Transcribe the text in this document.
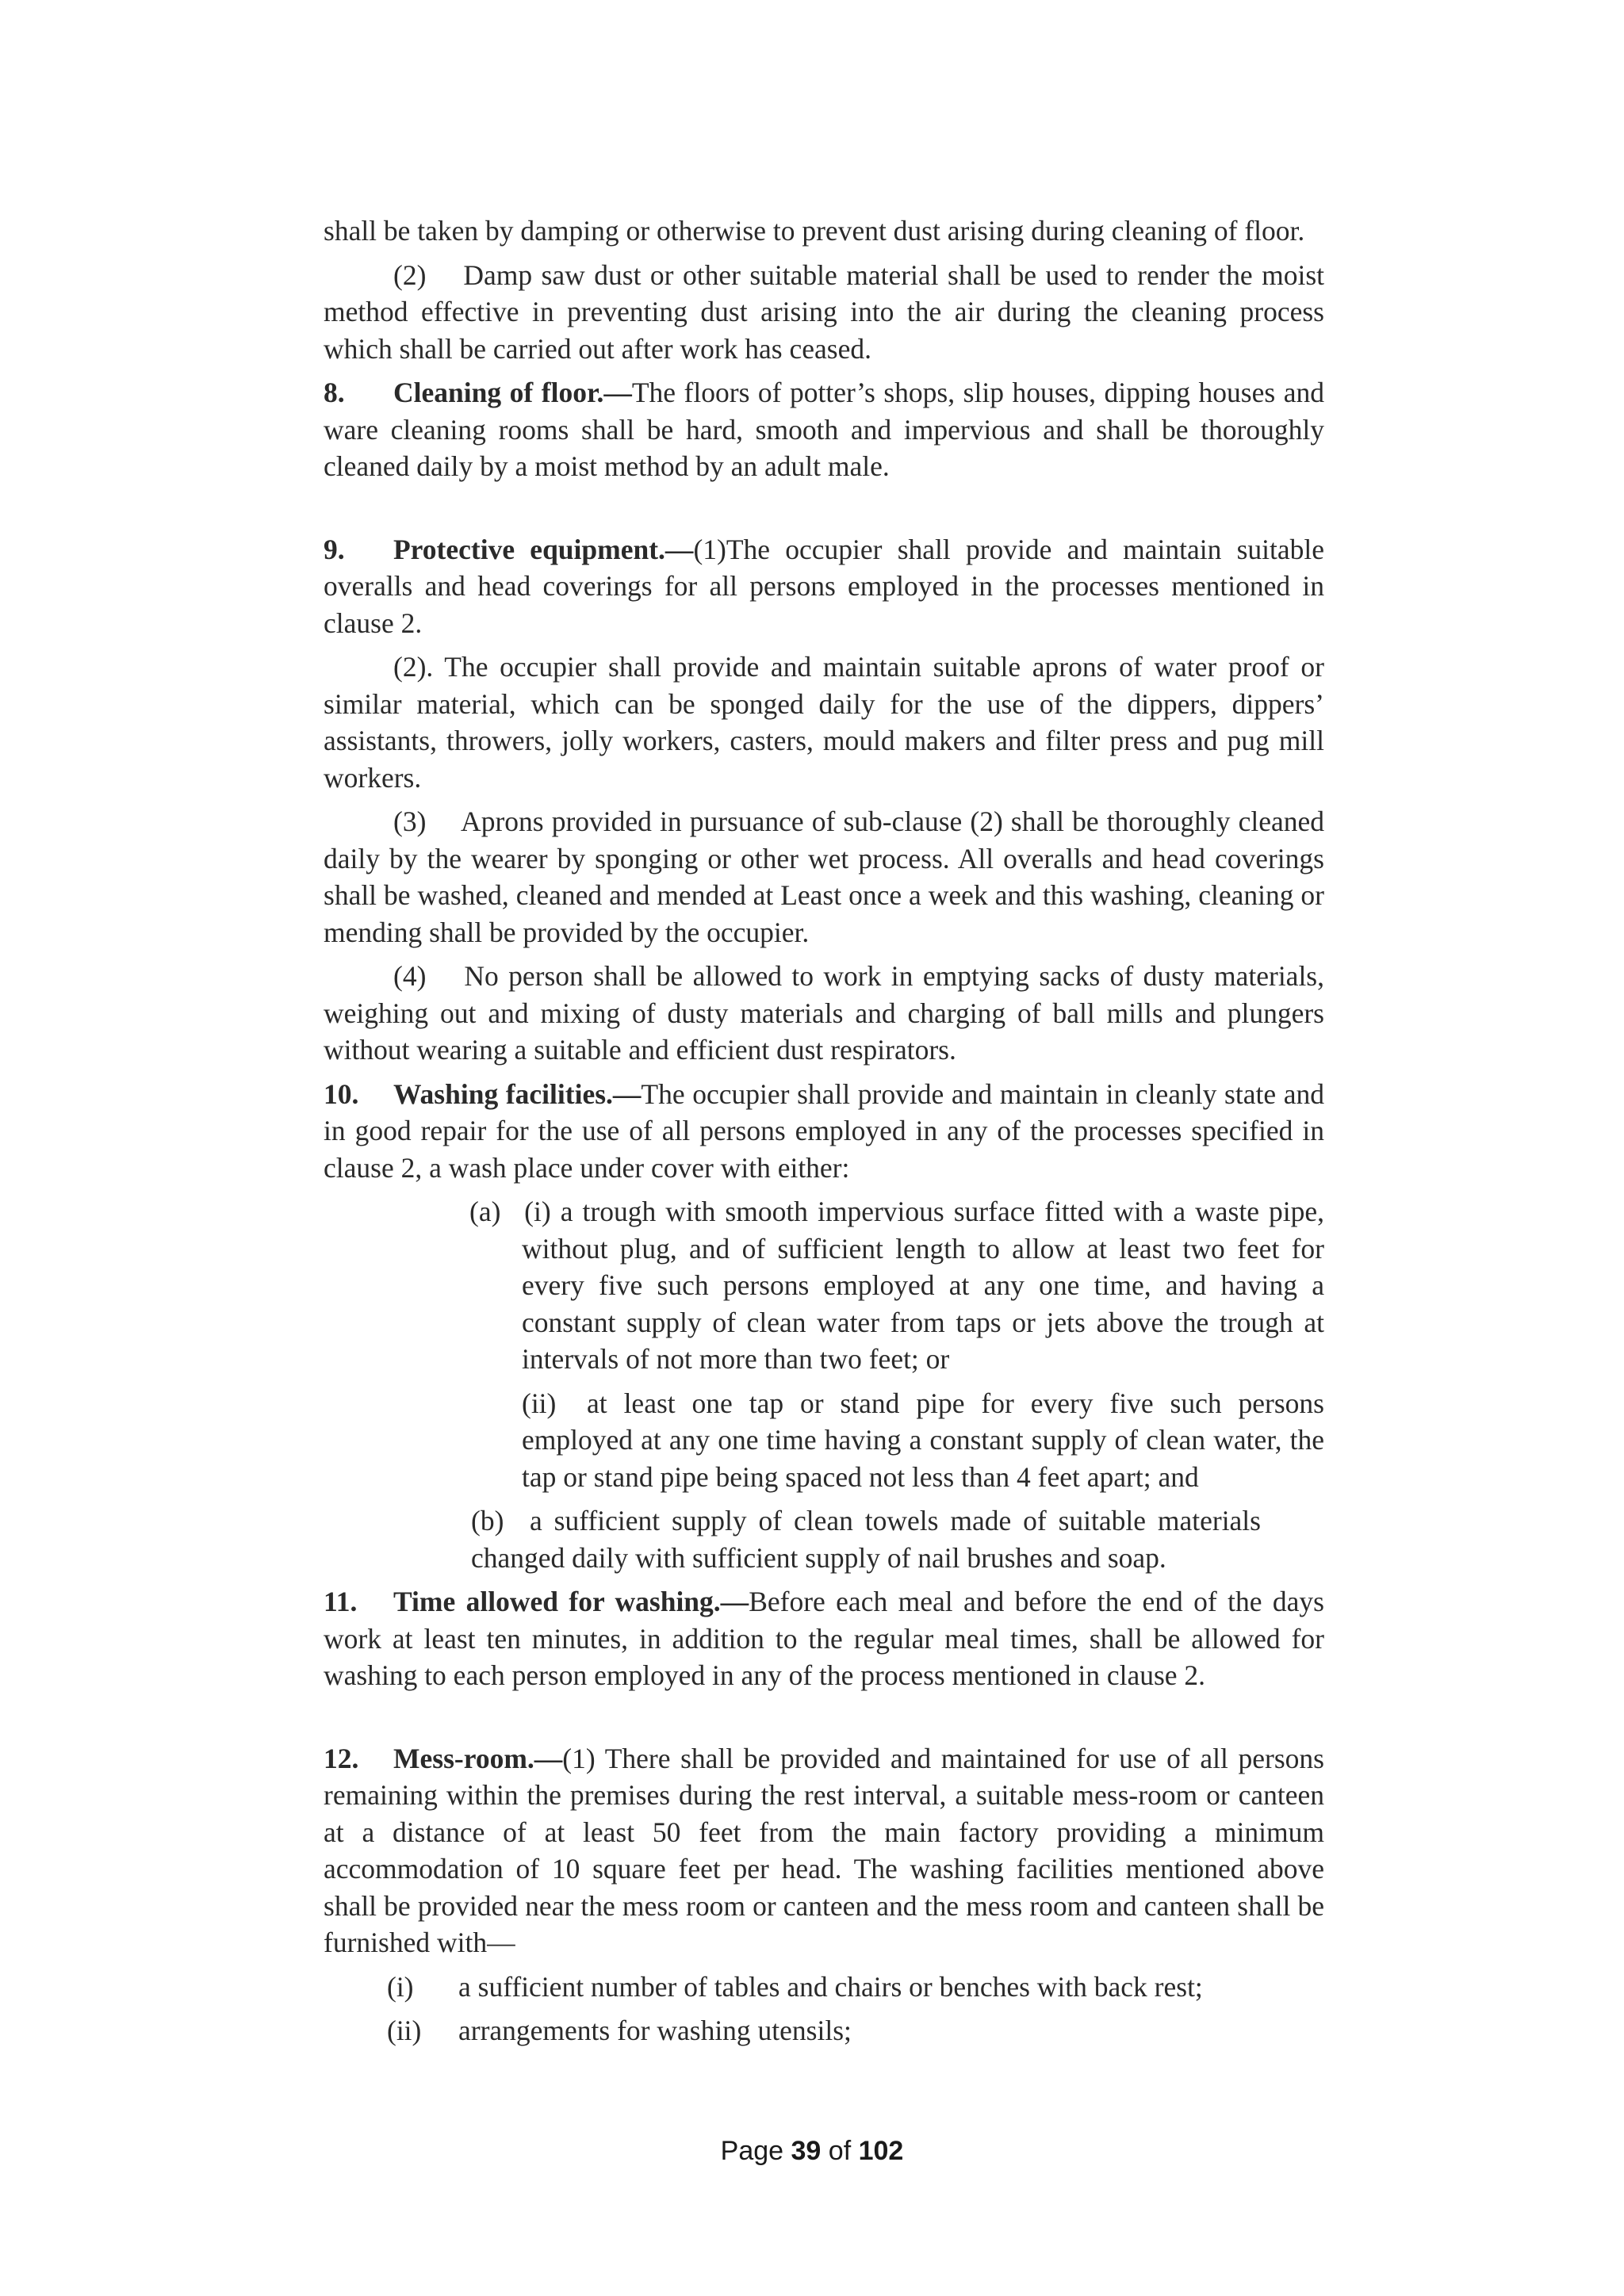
shall be taken by damping or otherwise to prevent dust arising during cleaning of floor.

(2)  Damp saw dust or other suitable material shall be used to render the moist method effective in preventing dust arising into the air during the cleaning process which shall be carried out after work has ceased.

8. Cleaning of floor.—The floors of potter’s shops, slip houses, dipping houses and ware cleaning rooms shall be hard, smooth and impervious and shall be thoroughly cleaned daily by a moist method by an adult male.

9. Protective equipment.—(1)The occupier shall provide and maintain suitable overalls and head coverings for all persons employed in the processes mentioned in clause 2.

(2). The occupier shall provide and maintain suitable aprons of water proof or similar material, which can be sponged daily for the use of the dippers, dippers’ assistants, throwers, jolly workers, casters, mould makers and filter press and pug mill workers.

(3)  Aprons provided in pursuance of sub-clause (2) shall be thoroughly cleaned daily by the wearer by sponging or other wet process. All overalls and head coverings shall be washed, cleaned and mended at Least once a week and this washing, cleaning or mending shall be provided by the occupier.

(4)  No person shall be allowed to work in emptying sacks of dusty materials, weighing out and mixing of dusty materials and charging of ball mills and plungers without wearing a suitable and efficient dust respirators.

10. Washing facilities.—The occupier shall provide and maintain in cleanly state and in good repair for the use of all persons employed in any of the processes specified in clause 2, a wash place under cover with either:

(a)  (i) a trough with smooth impervious surface fitted with a waste pipe, without plug, and of sufficient length to allow at least two feet for every five such persons employed at any one time, and having a constant supply of clean water from taps or jets above the trough at intervals of not more than two feet; or

(ii)  at least one tap or stand pipe for every five such persons employed at any one time having a constant supply of clean water, the tap or stand pipe being spaced not less than 4 feet apart; and

(b)  a sufficient supply of clean towels made of suitable materials changed daily with sufficient supply of nail brushes and soap.

11. Time allowed for washing.—Before each meal and before the end of the days work at least ten minutes, in addition to the regular meal times, shall be allowed for washing to each person employed in any of the process mentioned in clause 2.

12. Mess-room.—(1) There shall be provided and maintained for use of all persons remaining within the premises during the rest interval, a suitable mess-room or canteen at a distance of at least 50 feet from the main factory providing a minimum accommodation of 10 square feet per head. The washing facilities mentioned above shall be provided near the mess room or canteen and the mess room and canteen shall be furnished with—

(i)	a sufficient number of tables and chairs or benches with back rest;
(ii)	arrangements for washing utensils;
Page 39 of 102
